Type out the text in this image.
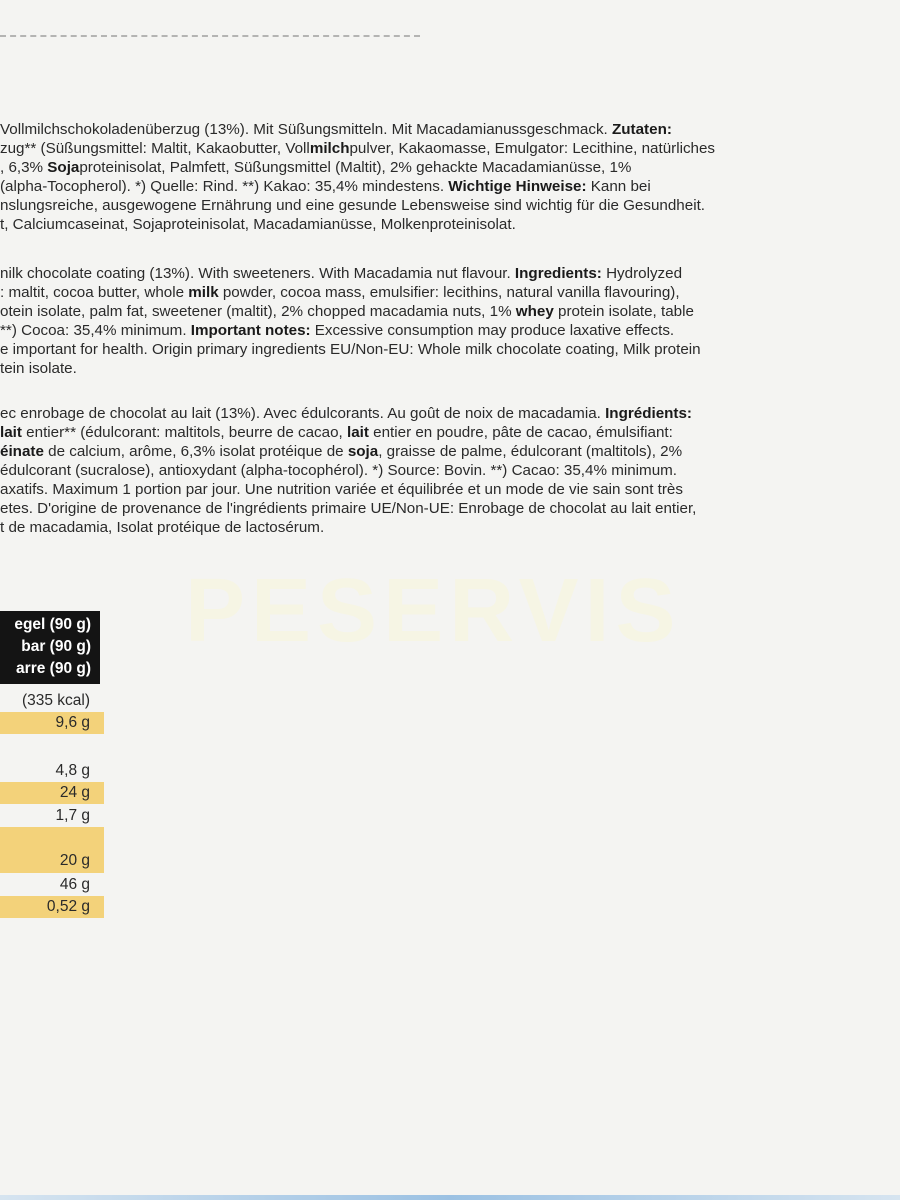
Vollmilchschokoladenüberzug (13%). Mit Süßungsmitteln. Mit Macadamianussgeschmack. Zutaten:
zug** (Süßungsmittel: Maltit, Kakaobutter, Vollmilchpulver, Kakaomasse, Emulgator: Lecithine, natürliches
, 6,3% Sojaproteinisolat, Palmfett, Süßungsmittel (Maltit), 2% gehackte Macadamianüsse, 1%
(alpha-Tocopherol). *) Quelle: Rind. **) Kakao: 35,4% mindestens. Wichtige Hinweise: Kann bei
nslungsreiche, ausgewogene Ernährung und eine gesunde Lebensweise sind wichtig für die Gesundheit.
t, Calciumcaseinat, Sojaproteinisolat, Macadamianüsse, Molkenproteinisolat.
nilk chocolate coating (13%). With sweeteners. With Macadamia nut flavour. Ingredients: Hydrolyzed
: maltit, cocoa butter, whole milk powder, cocoa mass, emulsifier: lecithins, natural vanilla flavouring),
otein isolate, palm fat, sweetener (maltit), 2% chopped macadamia nuts, 1% whey protein isolate, table
**) Cocoa: 35,4% minimum. Important notes: Excessive consumption may produce laxative effects.
e important for health. Origin primary ingredients EU/Non-EU: Whole milk chocolate coating, Milk protein
tein isolate.
ec enrobage de chocolat au lait (13%). Avec édulcorants. Au goût de noix de macadamia. Ingrédients:
lait entier** (édulcorant: maltitols, beurre de cacao, lait entier en poudre, pâte de cacao, émulsifiant:
éinate de calcium, arôme, 6,3% isolat protéique de soja, graisse de palme, édulcorant (maltitols), 2%
édulcorant (sucralose), antioxydant (alpha-tocophérol). *) Source: Bovin. **) Cacao: 35,4% minimum.
axatifs. Maximum 1 portion par jour. Une nutrition variée et équilibrée et un mode de vie sain sont très
etes. D'origine de provenance de l'ingrédients primaire UE/Non-UE: Enrobage de chocolat au lait entier,
t de macadamia, Isolat protéique de lactosérum.
PESERVIS
egel (90 g)
bar (90 g)
arre (90 g)
(335 kcal)
9,6 g
4,8 g
24 g
1,7 g
20 g
46 g
0,52 g
